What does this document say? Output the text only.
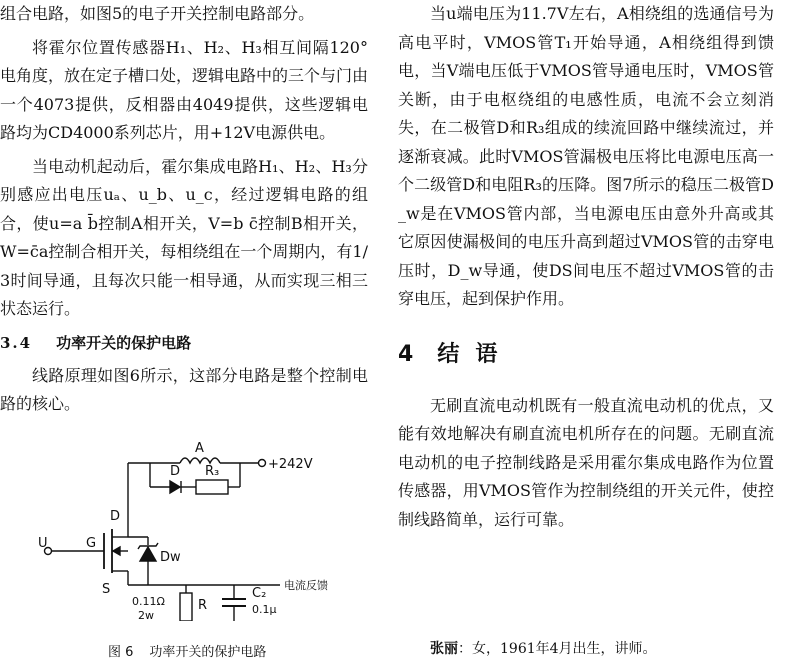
组合电路，如图5的电子开关控制电路部分。

将霍尔位置传感器H₁、H₂、H₃相互间隔120°电角度，放在定子槽口处，逻辑电路中的三个与门由一个4073提供，反相器由4049提供，这些逻辑电路均为CD4000系列芯片，用+12V电源供电。

当电动机起动后，霍尔集成电路H₁、H₂、H₃分别感应出电压uₐ、u_b、u_c，经过逻辑电路的组合，使u=a b̄控制A相开关，V=b c̄控制B相开关，W=c̄a控制合相开关，每相绕组在一个周期内，有1/3时间导通，且每次只能一相导通，从而实现三相三状态运行。

3.4 功率开关的保护电路

线路原理如图6所示，这部分电路是整个控制电路的核心。

A
+242V
D R₃
D
G
S
U
Dw
电流反馈
R
0.11Ω
2w
C₂
0.1μ
图 6 功率开关的保护电路

当u端电压为11.7V左右，A相绕组的选通信号为高电平时，VMOS管T₁开始导通，A相绕组得到馈电，当V端电压低于VMOS管导通电压时，VMOS管关断，由于电枢绕组的电感性质，电流不会立刻消失，在二极管D和R₃组成的续流回路中继续流过，并逐渐衰减。此时VMOS管漏极电压将比电源电压高一个二级管D和电阻R₃的压降。图7所示的稳压二极管D_w是在VMOS管内部，当电源电压由意外升高或其它原因使漏极间的电压升高到超过VMOS管的击穿电压时，D_w导通，使DS间电压不超过VMOS管的击穿电压，起到保护作用。

4 结语

无刷直流电动机既有一般直流电动机的优点，又能有效地解决有刷直流电机所存在的问题。无刷直流电动机的电子控制线路是采用霍尔集成电路作为位置传感器，用VMOS管作为控制绕组的开关元件，使控制线路简单，运行可靠。

张丽：女，1961年4月出生，讲师。
